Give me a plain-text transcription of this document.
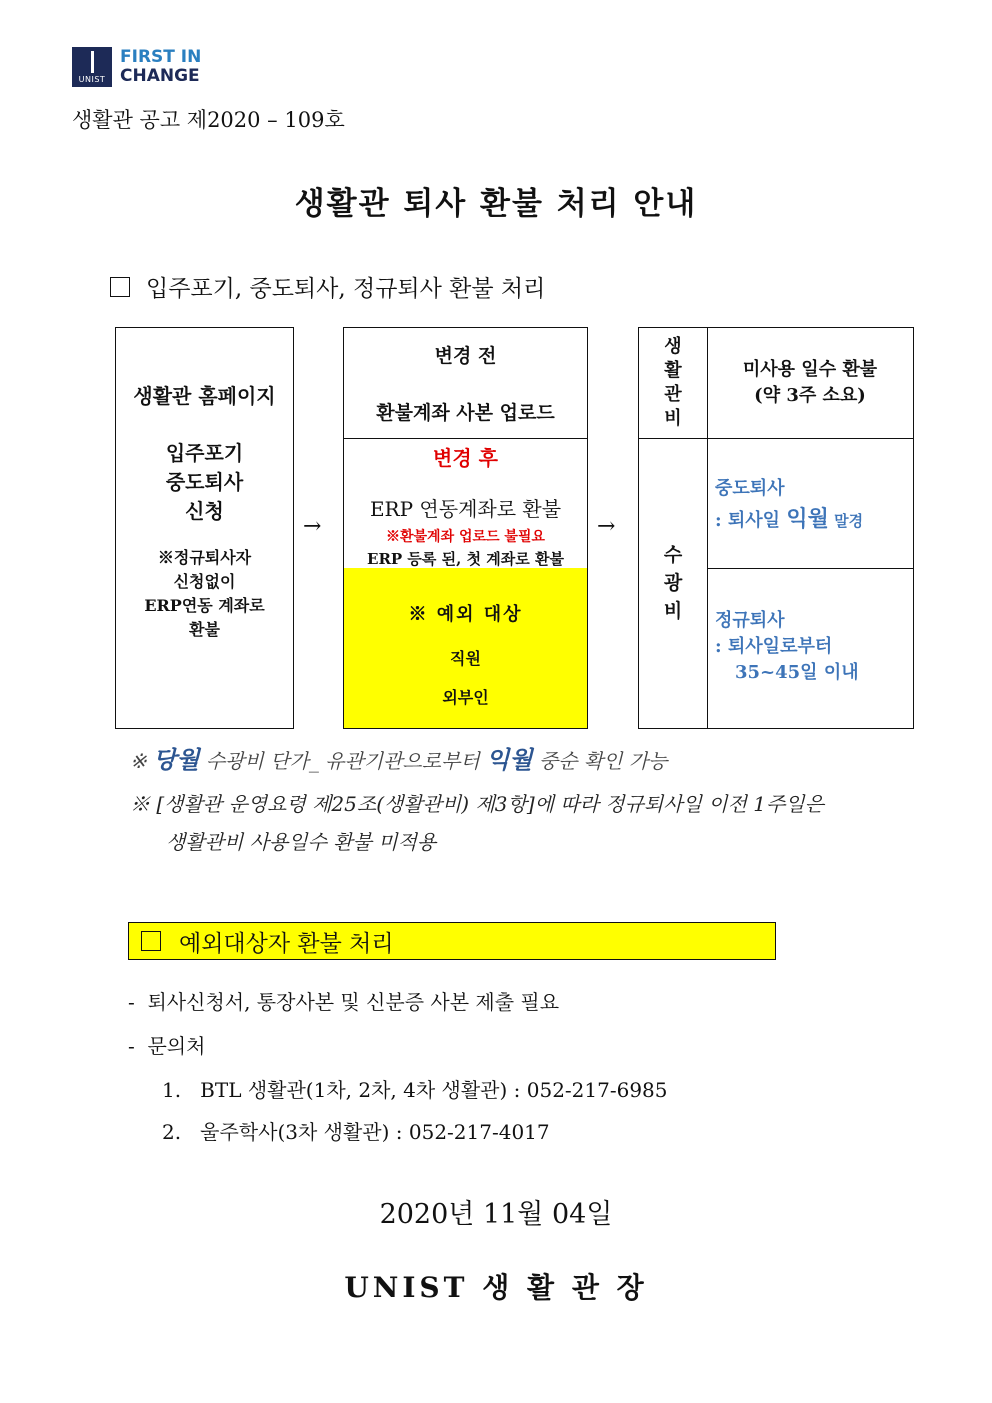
UNIST
FIRST IN
CHANGE
생활관 공고 제2020 – 109호
생활관 퇴사 환불 처리 안내
입주포기, 중도퇴사, 정규퇴사 환불 처리
생활관 홈페이지
입주포기
중도퇴사
신청
※정규퇴사자
신청없이
ERP연동 계좌로
환불
→
변경 전
환불계좌 사본 업로드
변경 후
ERP 연동계좌로 환불
※환불계좌 업로드 불필요
ERP 등록 된, 첫 계좌로 환불
※ 예외 대상
직원
외부인
→
생
활
관
비
미사용 일수 환불
(약 3주 소요)
수
광
비
중도퇴사
: 퇴사일 익월 말경
정규퇴사
: 퇴사일로부터
35~45일 이내
※ 당월 수광비 단가_ 유관기관으로부터 익월 중순 확인 가능
※ [생활관 운영요령 제25조(생활관비) 제3항]에 따라 정규퇴사일 이전 1주일은
생활관비 사용일수 환불 미적용
예외대상자 환불 처리
-  퇴사신청서, 통장사본 및 신분증 사본 제출 필요
-  문의처
1. BTL 생활관(1차, 2차, 4차 생활관) : 052-217-6985
2. 울주학사(3차 생활관) : 052-217-4017
2020년 11월 04일
UNIST 생 활 관 장
